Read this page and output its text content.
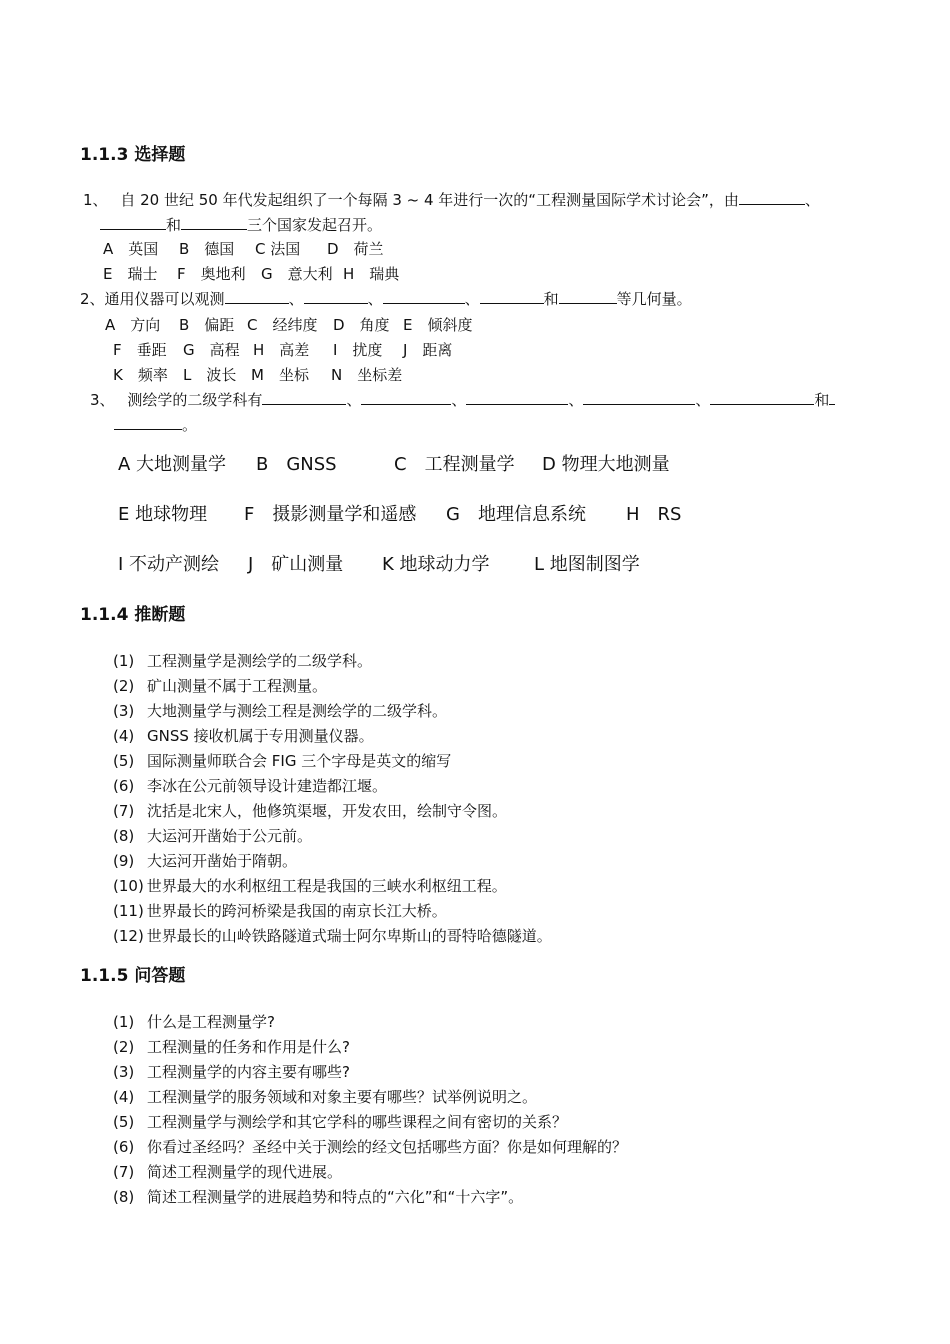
1.1.3 选择题
1、 自 20 世纪 50 年代发起组织了一个每隔 3 ~ 4 年进行一次的“工程测量国际学术讨论会”，由	、
和	三个国家发起召开。
A　英国 B　德国 C 法国 D　荷兰
E　瑞士 F　奥地利 G　意大利 H　瑞典
2、通用仪器可以观测	、	、	、	和	等几何量。
A　方向 B　偏距 C　经纬度 D　角度 E　倾斜度
F　垂距 G　高程 H　高差 I　扰度 J　距离
K　频率 L　波长 M　坐标 N　坐标差
3、 测绘学的二级学科有	、	、	、	、	和
。
A 大地测量学 B　GNSS	C　工程测量学 D 物理大地测量
E 地球物理 F　摄影测量学和遥感 G　地理信息系统 H　RS
I 不动产测绘 J　矿山测量 K 地球动力学 L 地图制图学
1.1.4 推断题
(1) 工程测量学是测绘学的二级学科。
(2) 矿山测量不属于工程测量。
(3) 大地测量学与测绘工程是测绘学的二级学科。
(4) GNSS 接收机属于专用测量仪器。
(5) 国际测量师联合会 FIG 三个字母是英文的缩写
(6) 李冰在公元前领导设计建造都江堰。
(7) 沈括是北宋人，他修筑渠堰，开发农田，绘制守令图。
(8) 大运河开凿始于公元前。
(9) 大运河开凿始于隋朝。
(10) 世界最大的水利枢纽工程是我国的三峡水利枢纽工程。
(11) 世界最长的跨河桥梁是我国的南京长江大桥。
(12) 世界最长的山岭铁路隧道式瑞士阿尔卑斯山的哥特哈德隧道。
1.1.5 问答题
(1) 什么是工程测量学?
(2) 工程测量的任务和作用是什么?
(3) 工程测量学的内容主要有哪些?
(4) 工程测量学的服务领域和对象主要有哪些？试举例说明之。
(5) 工程测量学与测绘学和其它学科的哪些课程之间有密切的关系？
(6) 你看过圣经吗？圣经中关于测绘的经文包括哪些方面？你是如何理解的？
(7) 简述工程测量学的现代进展。
(8) 简述工程测量学的进展趋势和特点的“六化”和“十六字”。
